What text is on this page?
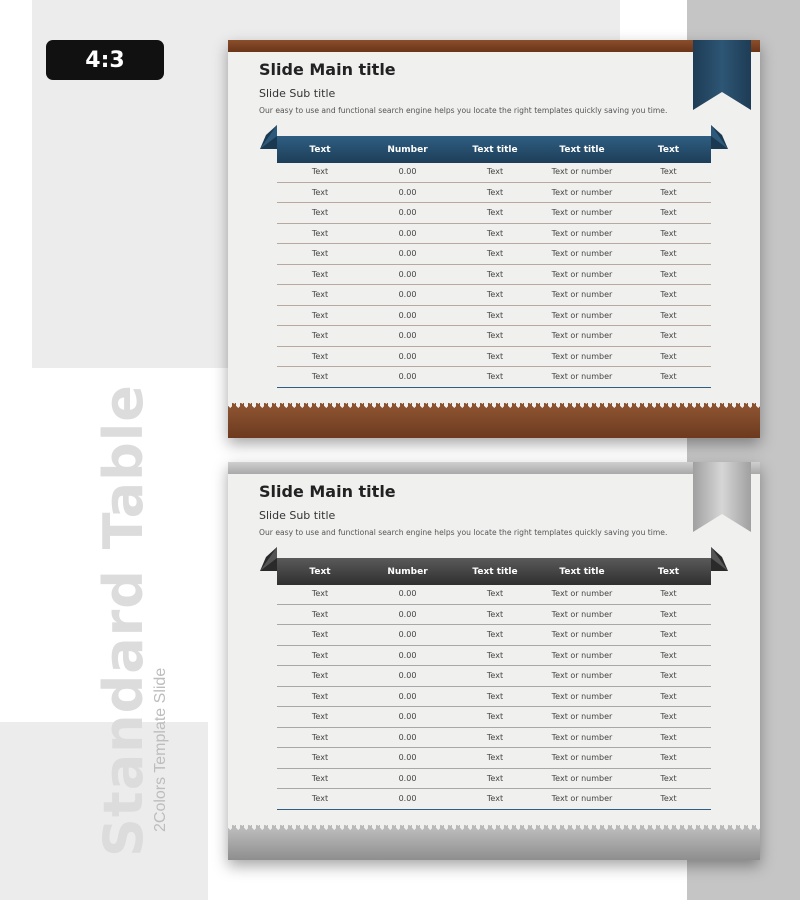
4:3
Standard Table
2Colors Template Slide
Slide Main title
Slide Sub title
Our easy to use and functional search engine helps you locate the right templates quickly saving you time.
Text	Number	Text title	Text title	Text
Text	0.00	Text	Text or number	Text
Text	0.00	Text	Text or number	Text
Text	0.00	Text	Text or number	Text
Text	0.00	Text	Text or number	Text
Text	0.00	Text	Text or number	Text
Text	0.00	Text	Text or number	Text
Text	0.00	Text	Text or number	Text
Text	0.00	Text	Text or number	Text
Text	0.00	Text	Text or number	Text
Text	0.00	Text	Text or number	Text
Text	0.00	Text	Text or number	Text
Slide Main title
Slide Sub title
Our easy to use and functional search engine helps you locate the right templates quickly saving you time.
Text	Number	Text title	Text title	Text
Text	0.00	Text	Text or number	Text
Text	0.00	Text	Text or number	Text
Text	0.00	Text	Text or number	Text
Text	0.00	Text	Text or number	Text
Text	0.00	Text	Text or number	Text
Text	0.00	Text	Text or number	Text
Text	0.00	Text	Text or number	Text
Text	0.00	Text	Text or number	Text
Text	0.00	Text	Text or number	Text
Text	0.00	Text	Text or number	Text
Text	0.00	Text	Text or number	Text
